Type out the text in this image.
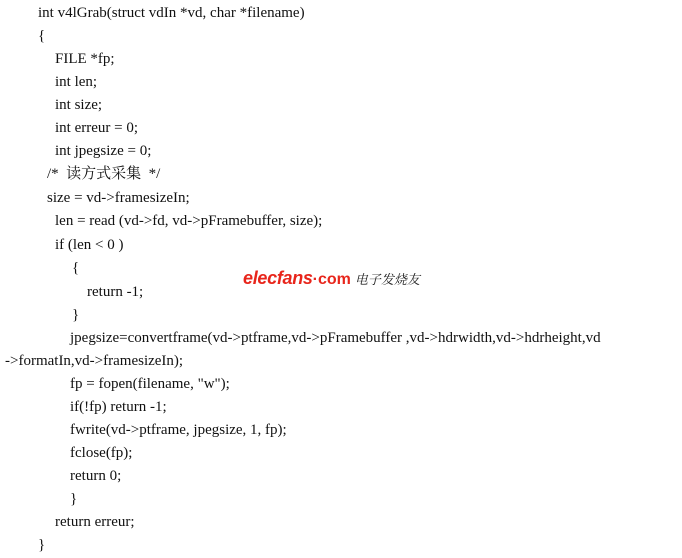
int v4lGrab(struct vdIn *vd, char *filename)
{
FILE *fp;
int len;
int size;
int erreur = 0;
int jpegsize = 0;
/*  读方式采集  */
size = vd->framesizeIn;
len = read (vd->fd, vd->pFramebuffer, size);
if (len < 0 )
{
return -1;
}
jpegsize=convertframe(vd->ptframe,vd->pFramebuffer ,vd->hdrwidth,vd->hdrheight,vd
->formatIn,vd->framesizeIn);
fp = fopen(filename, "w");
if(!fp) return -1;
fwrite(vd->ptframe, jpegsize, 1, fp);
fclose(fp);
return 0;
}
return erreur;
}
elecfans·com 电子发烧友
